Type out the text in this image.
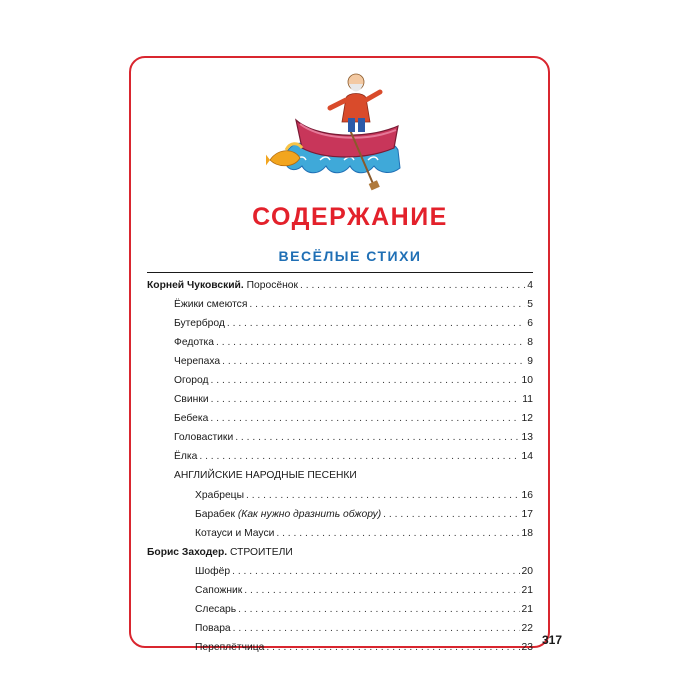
СОДЕРЖАНИЕ
ВЕСЁЛЫЕ СТИХИ
Корней Чуковский. Поросёнок . . .	4
Ёжики смеются . . .	5
Бутерброд . . .	6
Федотка . . .	8
Черепаха . . .	9
Огород . . .	10
Свинки . . .	11
Бебека . . .	12
Головастики . . .	13
Ёлка . . .	14
АНГЛИЙСКИЕ НАРОДНЫЕ ПЕСЕНКИ
Храбрецы . . .	16
Барабек (Как нужно дразнить обжору) . . .	17
Котауси и Мауси . . .	18
Борис Заходер. СТРОИТЕЛИ
Шофёр . . .	20
Сапожник . . .	21
Слесарь . . .	21
Повара . . .	22
Переплётчица . . .	23
317
